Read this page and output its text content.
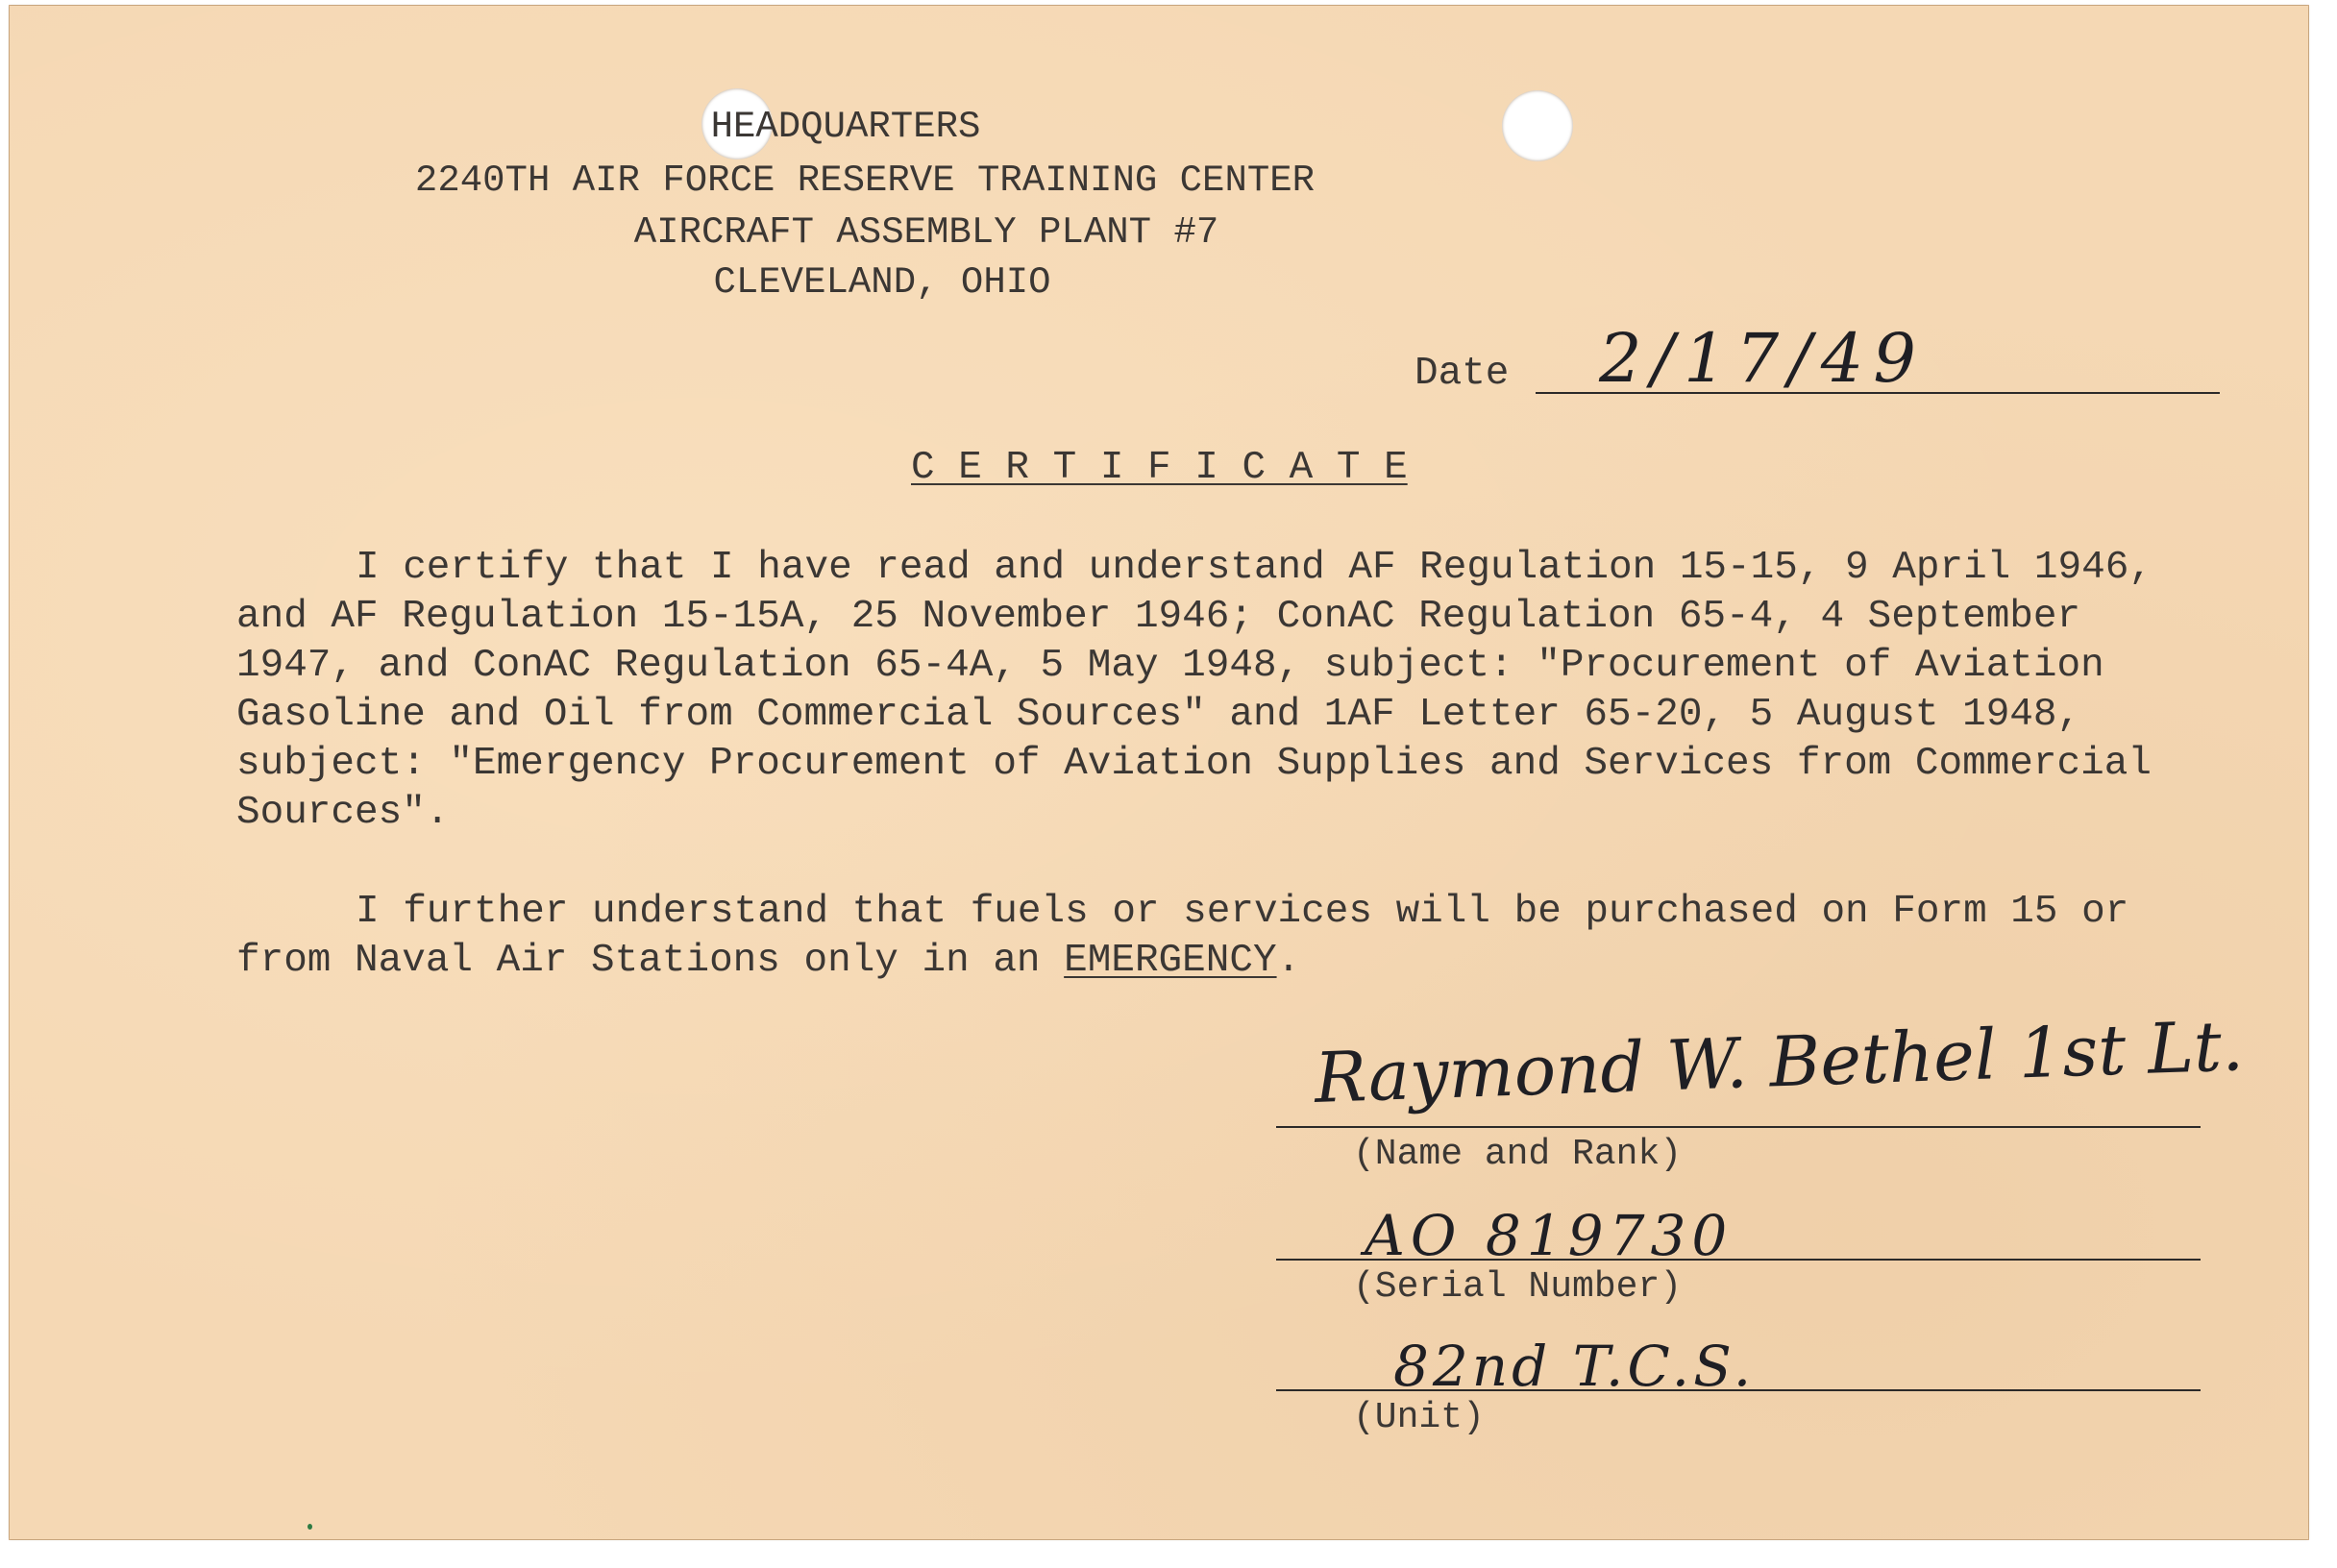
HEADQUARTERS
2240TH AIR FORCE RESERVE TRAINING CENTER
AIRCRAFT ASSEMBLY PLANT #7
CLEVELAND, OHIO
Date 2/17/49
C E R T I F I C A T E
I certify that I have read and understand AF Regulation 15-15, 9 April 1946,
and AF Regulation 15-15A, 25 November 1946; ConAC Regulation 65-4, 4 September
1947, and ConAC Regulation 65-4A, 5 May 1948, subject: "Procurement of Aviation
Gasoline and Oil from Commercial Sources" and 1AF Letter 65-20, 5 August 1948,
subject: "Emergency Procurement of Aviation Supplies and Services from Commercial
Sources".
I further understand that fuels or services will be purchased on Form 15 or
from Naval Air Stations only in an EMERGENCY.
Raymond W. Bethel 1st Lt.
(Name and Rank)
AO 819730
(Serial Number)
82nd T.C.S.
(Unit)
